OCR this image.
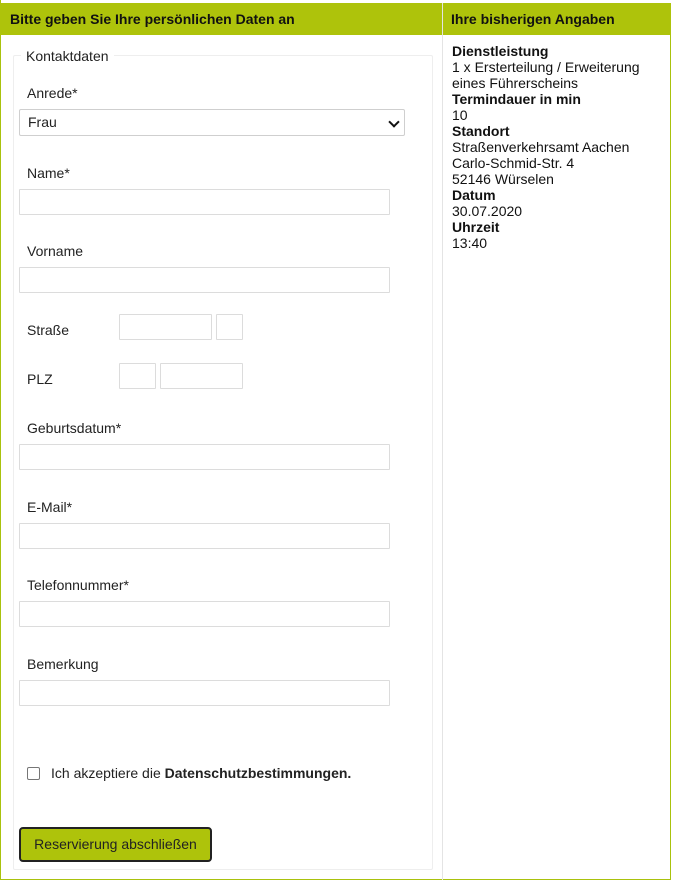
Bitte geben Sie Ihre persönlichen Daten an	Ihre bisherigen Angaben
Kontaktdaten
Anrede*
Frau
Name*
Vorname
Straße
PLZ
Geburtsdatum*
E-Mail*
Telefonnummer*
Bemerkung
Ich akzeptiere die Datenschutzbestimmungen.
Reservierung abschließen
Dienstleistung
1 x Ersterteilung / Erweiterung eines Führerscheins
Termindauer in min
10
Standort
Straßenverkehrsamt Aachen
Carlo-Schmid-Str. 4
52146 Würselen
Datum
30.07.2020
Uhrzeit
13:40
